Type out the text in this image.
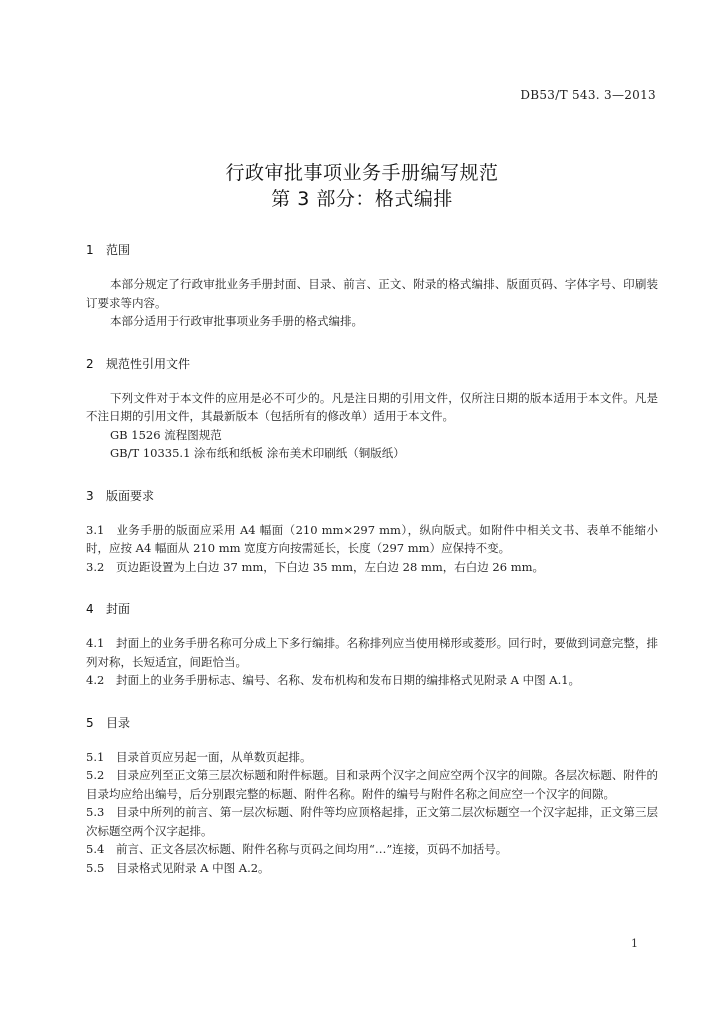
DB53/T 543. 3—2013
行政审批事项业务手册编写规范
第 3 部分：格式编排
1	范围

本部分规定了行政审批业务手册封面、目录、前言、正文、附录的格式编排、版面页码、字体字号、印刷装订要求等内容。

本部分适用于行政审批事项业务手册的格式编排。

2	规范性引用文件

下列文件对于本文件的应用是必不可少的。凡是注日期的引用文件，仅所注日期的版本适用于本文件。凡是不注日期的引用文件，其最新版本（包括所有的修改单）适用于本文件。

GB 1526 流程图规范

GB/T 10335.1 涂布纸和纸板 涂布美术印刷纸（铜版纸）

3	版面要求

3.1 业务手册的版面应采用 A4 幅面（210 mm×297 mm），纵向版式。如附件中相关文书、表单不能缩小时，应按 A4 幅面从 210 mm 宽度方向按需延长，长度（297 mm）应保持不变。

3.2 页边距设置为上白边 37 mm，下白边 35 mm，左白边 28 mm，右白边 26 mm。

4	封面

4.1 封面上的业务手册名称可分成上下多行编排。名称排列应当使用梯形或菱形。回行时，要做到词意完整，排列对称，长短适宜，间距恰当。

4.2 封面上的业务手册标志、编号、名称、发布机构和发布日期的编排格式见附录 A 中图 A.1。

5	目录

5.1 目录首页应另起一面，从单数页起排。

5.2 目录应列至正文第三层次标题和附件标题。目和录两个汉字之间应空两个汉字的间隙。各层次标题、附件的目录均应给出编号，后分别跟完整的标题、附件名称。附件的编号与附件名称之间应空一个汉字的间隙。

5.3 目录中所列的前言、第一层次标题、附件等均应顶格起排，正文第二层次标题空一个汉字起排，正文第三层次标题空两个汉字起排。

5.4 前言、正文各层次标题、附件名称与页码之间均用“…”连接，页码不加括号。

5.5 目录格式见附录 A 中图 A.2。

1
